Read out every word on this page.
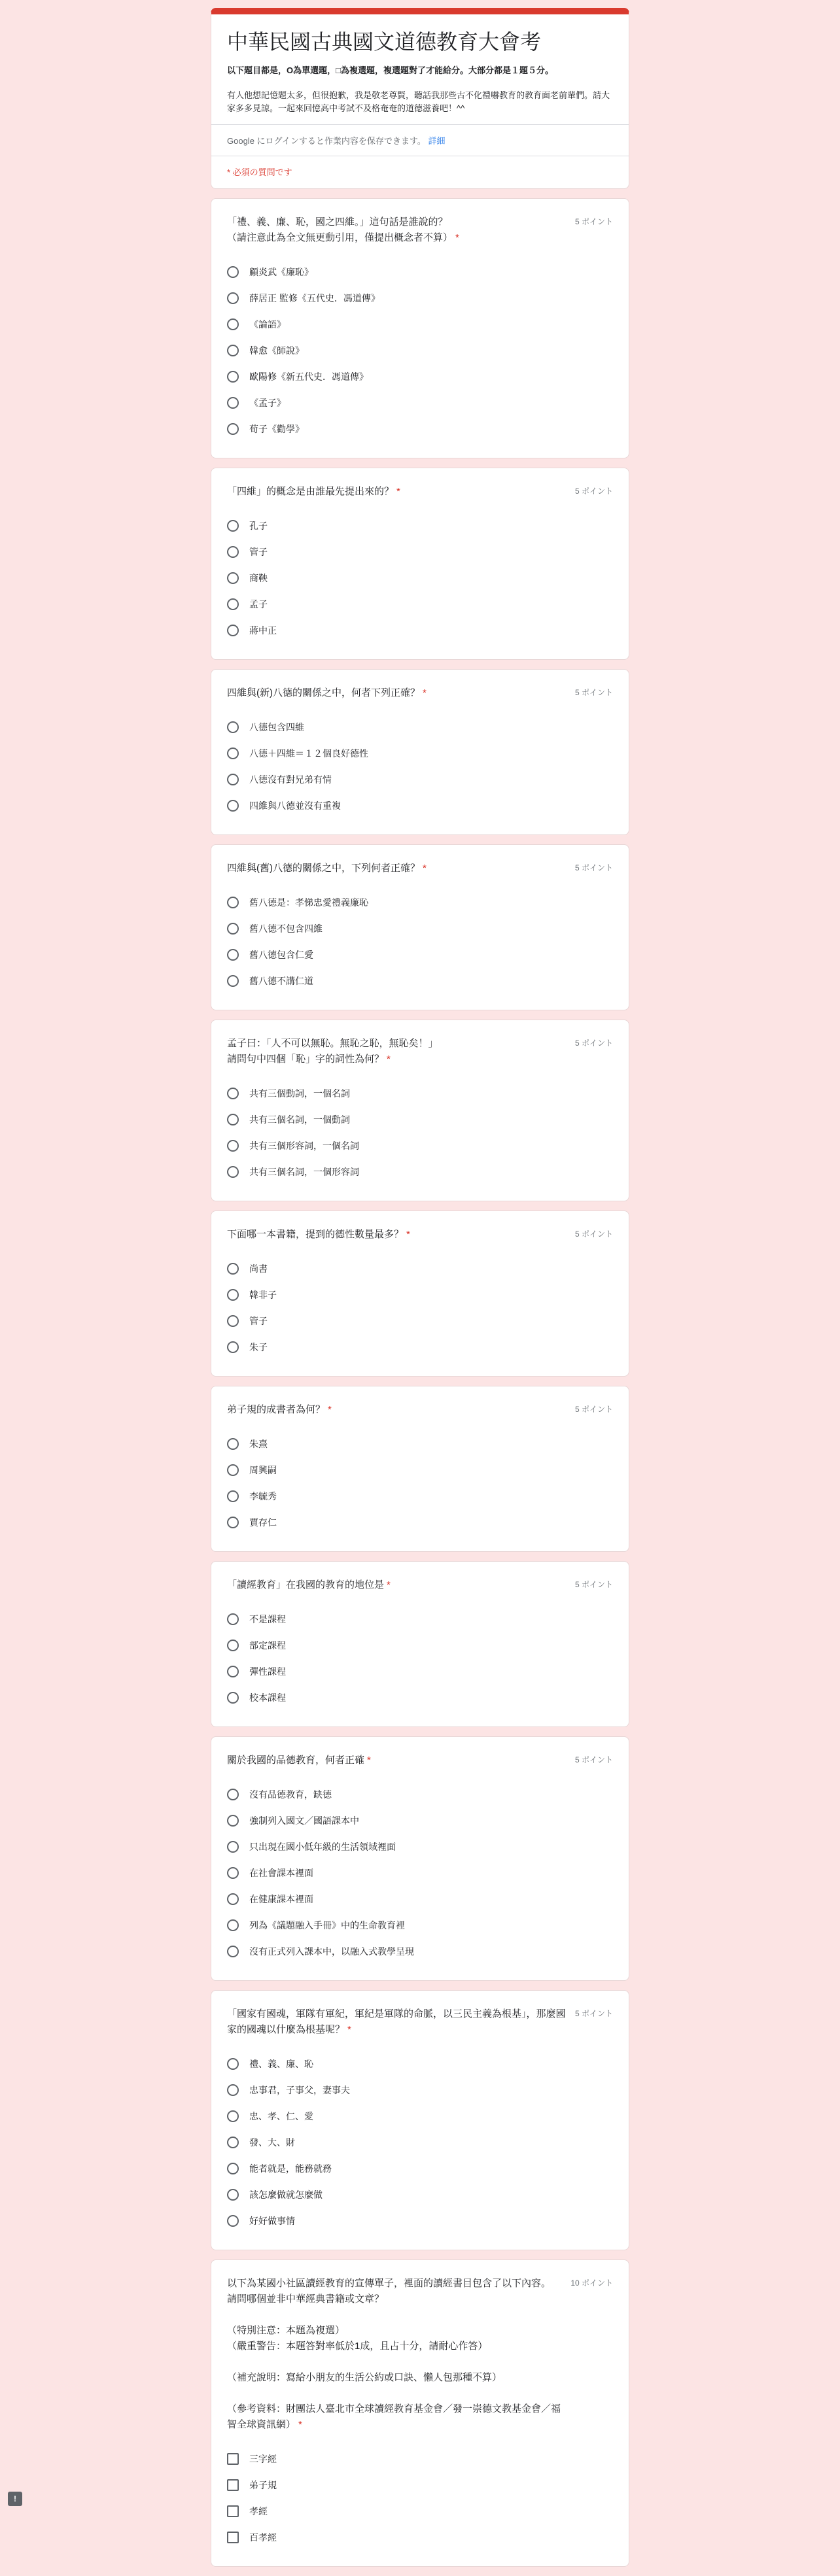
中華民國古典國文道德教育大會考
以下題目都是，O為單選題，□為複選題，複選題對了才能給分。大部分都是１題５分。
有人他想記憶題太多，但很抱歉，我是敬老尊賢，聽話我那些古不化禮嚇教育的教育面老前輩們。請大家多多見諒。一起來回憶高中考試不及格奄奄的道德滋養吧！^^
Google にログインすると作業内容を保存できます。 詳細
* 必須の質問です
「禮、義、廉、恥，國之四維。」這句話是誰說的？
（請注意此為全文無更動引用，僅提出概念者不算） *
5 ポイント
顧炎武《廉恥》
薛居正 監修《五代史．馮道傳》
《論語》
韓愈《師說》
歐陽修《新五代史．馮道傳》
《孟子》
荀子《勸學》
「四維」的概念是由誰最先提出來的？ *	5 ポイント
孔子
管子
商鞅
孟子
蔣中正
四維與(新)八德的關係之中，何者下列正確？ *	5 ポイント
八德包含四維
八德＋四維＝１２個良好德性
八德沒有對兄弟有情
四維與八德並沒有重複
四維與(舊)八德的關係之中，下列何者正確？ *	5 ポイント
舊八德是：孝悌忠愛禮義廉恥
舊八德不包含四維
舊八德包含仁愛
舊八德不講仁道
孟子曰：「人不可以無恥。無恥之恥，無恥矣！」
請問句中四個「恥」字的詞性為何？ *
5 ポイント
共有三個動詞，一個名詞
共有三個名詞，一個動詞
共有三個形容詞，一個名詞
共有三個名詞，一個形容詞
下面哪一本書籍，提到的德性數量最多？ *	5 ポイント
尚書
韓非子
管子
朱子
弟子規的成書者為何？ *	5 ポイント
朱熹
周興嗣
李毓秀
賈存仁
「讀經教育」在我國的教育的地位是 *	5 ポイント
不是課程
部定課程
彈性課程
校本課程
關於我國的品德教育，何者正確 *	5 ポイント
沒有品德教育，缺德
強制列入國文／國語課本中
只出現在國小低年級的生活領域裡面
在社會課本裡面
在健康課本裡面
列為《議題融入手冊》中的生命教育裡
沒有正式列入課本中，以融入式教學呈現
「國家有國魂，軍隊有軍紀，軍紀是軍隊的命脈，以三民主義為根基」，那麼國家的國魂以什麼為根基呢？ *
5 ポイント
禮、義、廉、恥
忠事君，子事父，妻事夫
忠、孝、仁、愛
發、大、財
能者就是，能務就務
該怎麼做就怎麼做
好好做事情
以下為某國小社區讀經教育的宣傳單子，裡面的讀經書目包含了以下內容。
請問哪個並非中華經典書籍或文章？

（特別注意：本題為複選）
（嚴重警告：本題答對率低於1成，且占十分，請耐心作答）

（補充說明：寫給小朋友的生活公約或口訣、懶人包那種不算）

（參考資料：財團法人臺北市全球讀經教育基金會／發一崇德文教基金會／福智全球資訊網） *
10 ポイント
三字經
弟子規
孝經
百孝經
!
